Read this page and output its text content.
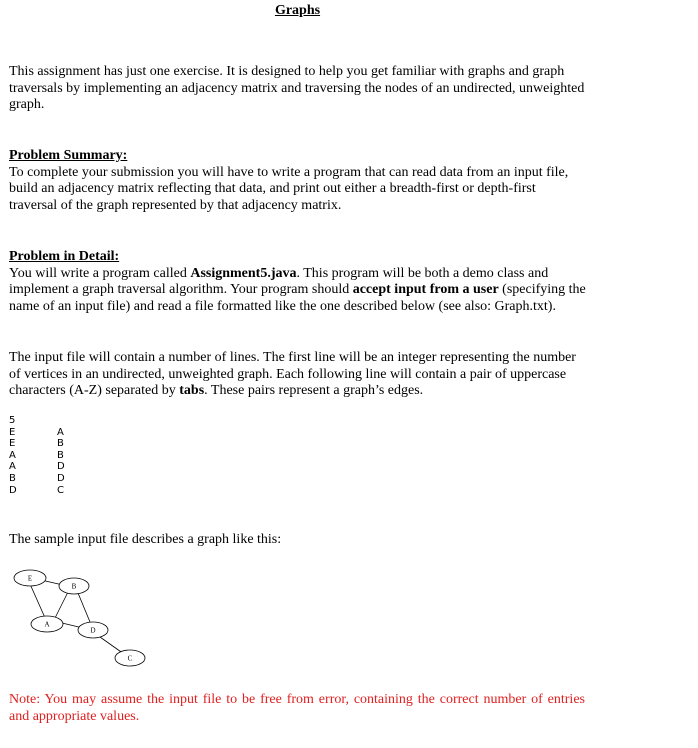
Graphs

This assignment has just one exercise. It is designed to help you get familiar with graphs and graph traversals by implementing an adjacency matrix and traversing the nodes of an undirected, unweighted graph.

Problem Summary:
To complete your submission you will have to write a program that can read data from an input file, build an adjacency matrix reflecting that data, and print out either a breadth-first or depth-first traversal of the graph represented by that adjacency matrix.
Problem in Detail:
You will write a program called Assignment5.java. This program will be both a demo class and implement a graph traversal algorithm. Your program should accept input from a user (specifying the name of an input file) and read a file formatted like the one described below (see also: Graph.txt).

The input file will contain a number of lines. The first line will be an integer representing the number of vertices in an undirected, unweighted graph. Each following line will contain a pair of uppercase characters (A-Z) separated by tabs. These pairs represent a graph’s edges.

5
E	A
E	B
A	B
A	D
B	D
D	C

The sample input file describes a graph like this:

E
B
A
D
C

Note: You may assume the input file to be free from error, containing the correct number of entries and appropriate values.
